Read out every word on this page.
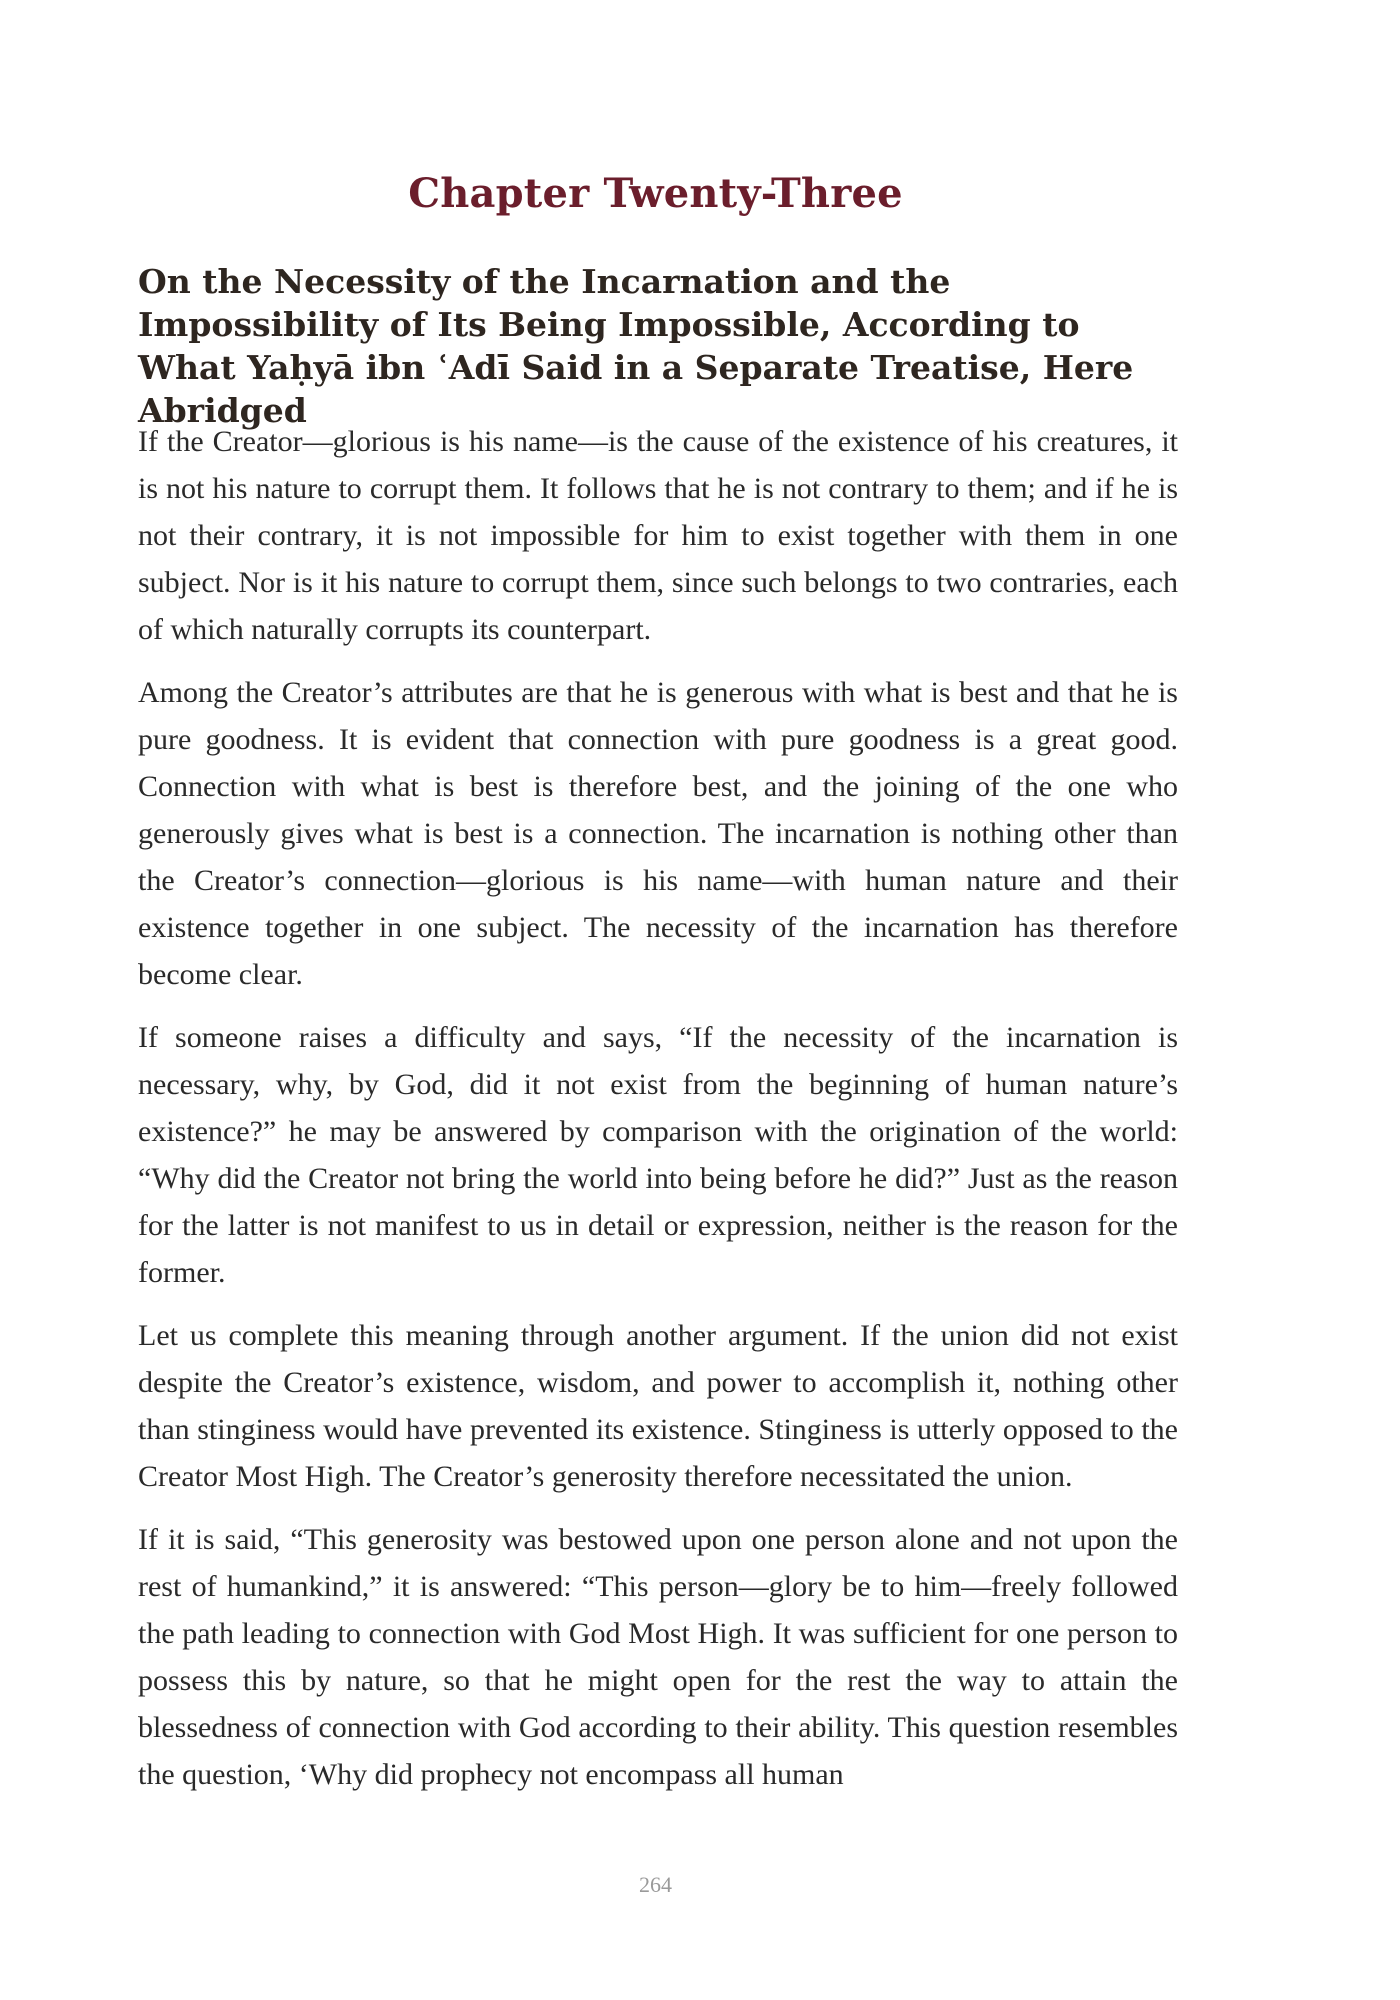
Chapter Twenty-Three
On the Necessity of the Incarnation and the Impossibility of Its Being Impossible, According to What Yaḥyā ibn ʿAdī Said in a Separate Treatise, Here Abridged

If the Creator—glorious is his name—is the cause of the existence of his creatures, it is not his nature to corrupt them. It follows that he is not contrary to them; and if he is not their contrary, it is not impossible for him to exist together with them in one subject. Nor is it his nature to corrupt them, since such belongs to two contraries, each of which naturally corrupts its counterpart.

Among the Creator’s attributes are that he is generous with what is best and that he is pure goodness. It is evident that connection with pure goodness is a great good. Connection with what is best is therefore best, and the joining of the one who generously gives what is best is a connection. The incarnation is nothing other than the Creator’s connection—glorious is his name—with human nature and their existence together in one subject. The necessity of the incarnation has therefore become clear.

If someone raises a difficulty and says, “If the necessity of the incarnation is necessary, why, by God, did it not exist from the beginning of human nature’s existence?” he may be answered by comparison with the origination of the world: “Why did the Creator not bring the world into being before he did?” Just as the reason for the latter is not manifest to us in detail or expression, neither is the reason for the former.

Let us complete this meaning through another argument. If the union did not exist despite the Creator’s existence, wisdom, and power to accomplish it, nothing other than stinginess would have prevented its existence. Stinginess is utterly opposed to the Creator Most High. The Creator’s generosity therefore necessitated the union.

If it is said, “This generosity was bestowed upon one person alone and not upon the rest of humankind,” it is answered: “This person—glory be to him—freely followed the path leading to connection with God Most High. It was sufficient for one person to possess this by nature, so that he might open for the rest the way to attain the blessedness of connection with God according to their ability. This question resembles the question, ‘Why did prophecy not encompass all human

264
